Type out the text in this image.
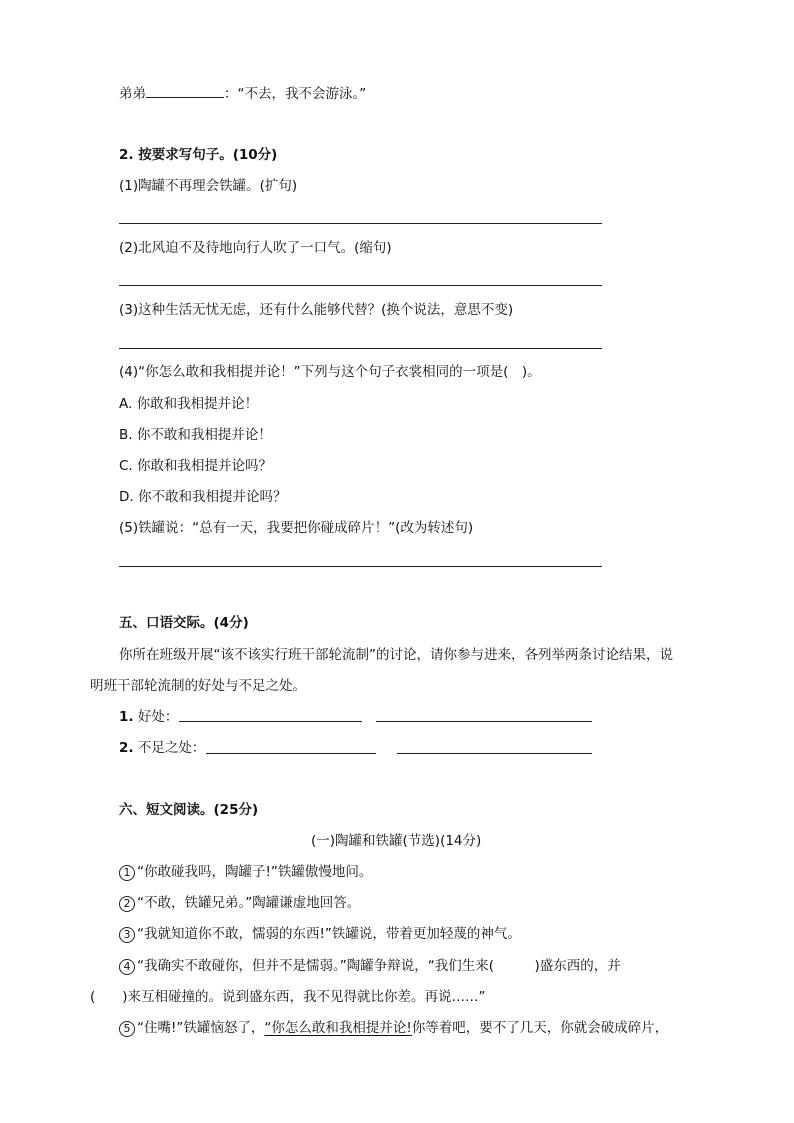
弟弟	：“不去，我不会游泳。”
2. 按要求写句子。(10分)
(1)陶罐不再理会铁罐。(扩句)
(2)北风迫不及待地向行人吹了一口气。(缩句)
(3)这种生活无忧无虑，还有什么能够代替？(换个说法，意思不变)
(4)“你怎么敢和我相提并论！”下列与这个句子衣裳相同的一项是(　)。
A. 你敢和我相提并论！
B. 你不敢和我相提并论！
C. 你敢和我相提并论吗？
D. 你不敢和我相提并论吗？
(5)铁罐说：“总有一天，我要把你碰成碎片！”(改为转述句)
五、口语交际。(4分)
你所在班级开展“该不该实行班干部轮流制”的讨论，请你参与进来，各列举两条讨论结果，说
明班干部轮流制的好处与不足之处。
1. 好处：
2. 不足之处：
六、短文阅读。(25分)
(一)陶罐和铁罐(节选)(14分)
1 “你敢碰我吗，陶罐子!”铁罐傲慢地问。
2 “不敢，铁罐兄弟。”陶罐谦虚地回答。
3 “我就知道你不敢，懦弱的东西!”铁罐说，带着更加轻蔑的神气。
4 “我确实不敢碰你，但并不是懦弱。”陶罐争辩说，“我们生来(　　　)盛东西的，并
(　　)来互相碰撞的。说到盛东西，我不见得就比你差。再说……”
5 “住嘴!”铁罐恼怒了，“你怎么敢和我相提并论!你等着吧，要不了几天，你就会破成碎片，
